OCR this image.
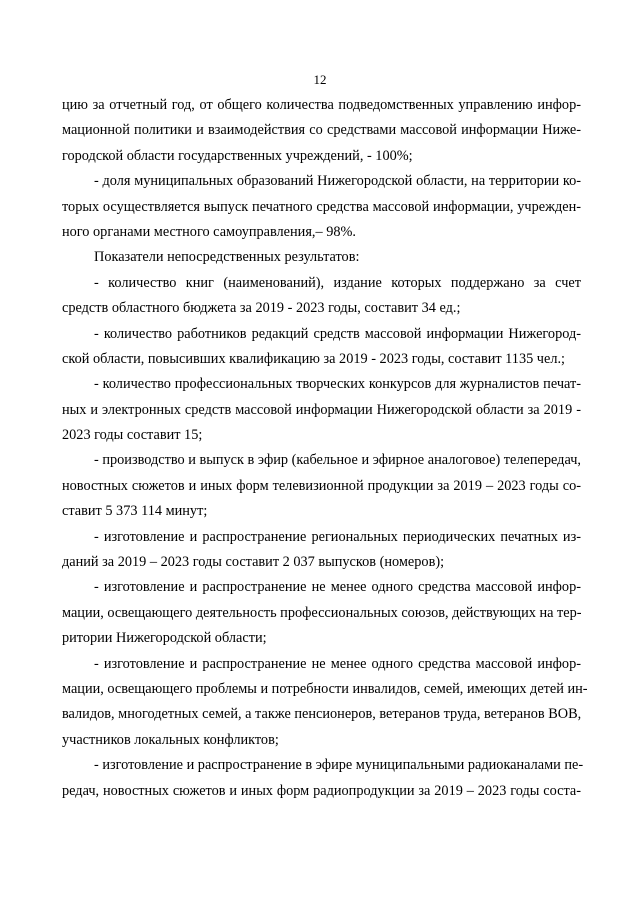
12
цию за отчетный год, от общего количества подведомственных управлению инфор-
мационной политики и взаимодействия со средствами массовой информации Ниже-
городской области государственных учреждений, - 100%;
- доля муниципальных образований Нижегородской области, на территории ко-
торых осуществляется выпуск печатного средства массовой информации, учрежден-
ного органами местного самоуправления,– 98%.
Показатели непосредственных результатов:
- количество книг (наименований), издание которых поддержано за счет
средств областного бюджета за 2019 - 2023 годы, составит 34 ед.;
- количество работников редакций средств массовой информации Нижегород-
ской области, повысивших квалификацию за 2019 - 2023 годы, составит 1135 чел.;
- количество профессиональных творческих конкурсов для журналистов печат-
ных и электронных средств массовой информации Нижегородской области за 2019 -
2023 годы составит 15;
- производство и выпуск в эфир (кабельное и эфирное аналоговое) телепередач,
новостных сюжетов и иных форм телевизионной продукции за 2019 – 2023 годы со-
ставит 5 373 114 минут;
- изготовление и распространение региональных периодических печатных из-
даний за 2019 – 2023 годы составит 2 037 выпусков (номеров);
- изготовление и распространение не менее одного средства массовой инфор-
мации, освещающего деятельность профессиональных союзов, действующих на тер-
ритории Нижегородской области;
- изготовление и распространение не менее одного средства массовой инфор-
мации, освещающего проблемы и потребности инвалидов, семей, имеющих детей ин-
валидов, многодетных семей, а также пенсионеров, ветеранов труда, ветеранов ВОВ,
участников локальных конфликтов;
- изготовление и распространение в эфире муниципальными радиоканалами пе-
редач, новостных сюжетов и иных форм радиопродукции за 2019 – 2023 годы соста-
